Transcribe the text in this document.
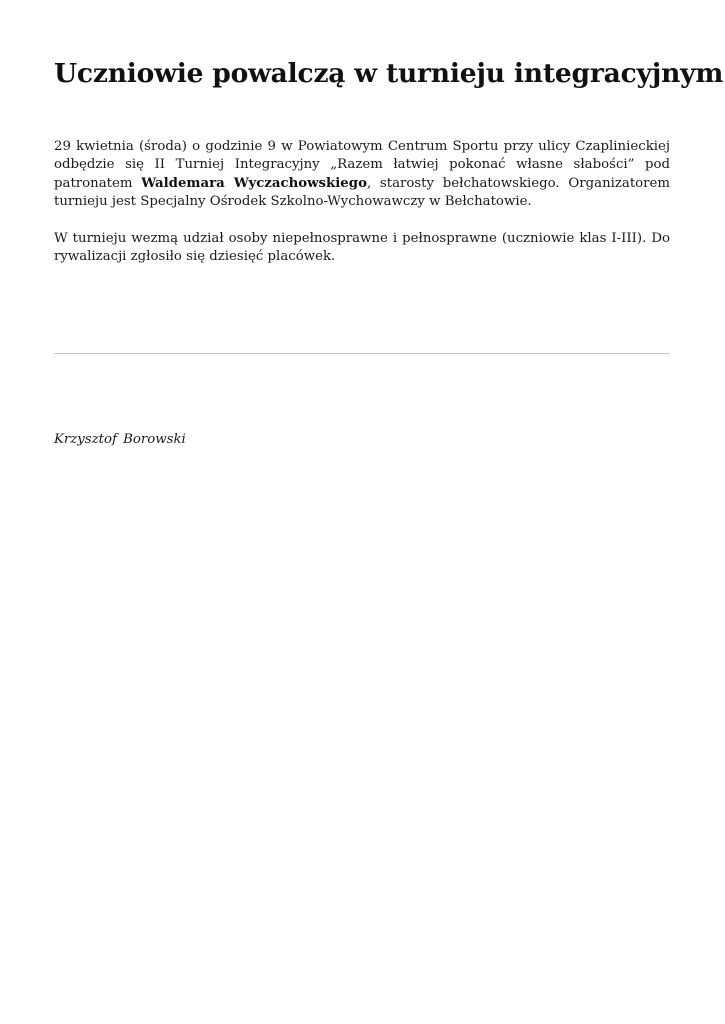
Uczniowie powalczą w turnieju integracyjnym

29 kwietnia (środa) o godzinie 9 w Powiatowym Centrum Sportu przy ulicy Czaplinieckiej odbędzie się II Turniej Integracyjny „Razem łatwiej pokonać własne słabości” pod patronatem Waldemara Wyczachowskiego, starosty bełchatowskiego. Organizatorem turnieju jest Specjalny Ośrodek Szkolno-Wychowawczy w Bełchatowie.

W turnieju wezmą udział osoby niepełnosprawne i pełnosprawne (uczniowie klas I-III). Do rywalizacji zgłosiło się dziesięć placówek.

Krzysztof Borowski
